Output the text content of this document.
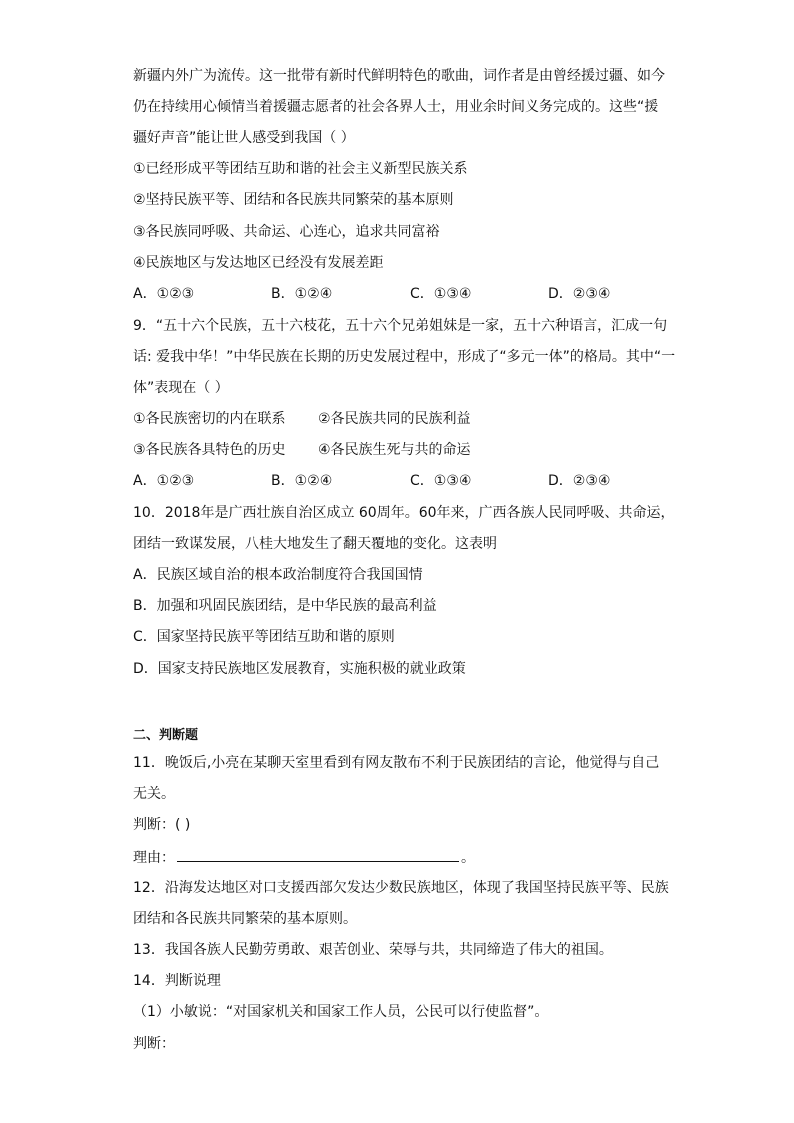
新疆内外广为流传。这一批带有新时代鲜明特色的歌曲，词作者是由曾经援过疆、如今
仍在持续用心倾情当着援疆志愿者的社会各界人士，用业余时间义务完成的。这些“援
疆好声音”能让世人感受到我国（ ）
①已经形成平等团结互助和谐的社会主义新型民族关系
②坚持民族平等、团结和各民族共同繁荣的基本原则
③各民族同呼吸、共命运、心连心，追求共同富裕
④民族地区与发达地区已经没有发展差距
A．①②③	B．①②④	C．①③④	D．②③④
9．“五十六个民族，五十六枝花，五十六个兄弟姐妹是一家，五十六种语言，汇成一句
话: 爱我中华！”中华民族在长期的历史发展过程中，形成了“多元一体”的格局。其中“一
体”表现在（ ）
①各民族密切的内在联系 ②各民族共同的民族利益
③各民族各具特色的历史 ④各民族生死与共的命运
A．①②③	B．①②④	C．①③④	D．②③④
10．2018年是广西壮族自治区成立 60周年。60年来，广西各族人民同呼吸、共命运，
团结一致谋发展，八桂大地发生了翻天覆地的变化。这表明
A．民族区域自治的根本政治制度符合我国国情
B．加强和巩固民族团结，是中华民族的最高利益
C．国家坚持民族平等团结互助和谐的原则
D．国家支持民族地区发展教育，实施积极的就业政策
二、判断题
11．晚饭后,小亮在某聊天室里看到有网友散布不利于民族团结的言论，他觉得与自己
无关。
判断：( )
理由：	。
12．沿海发达地区对口支援西部欠发达少数民族地区，体现了我国坚持民族平等、民族
团结和各民族共同繁荣的基本原则。
13．我国各族人民勤劳勇敢、艰苦创业、荣辱与共，共同缔造了伟大的祖国。
14．判断说理
（1）小敏说：“对国家机关和国家工作人员，公民可以行使监督”。
判断：
